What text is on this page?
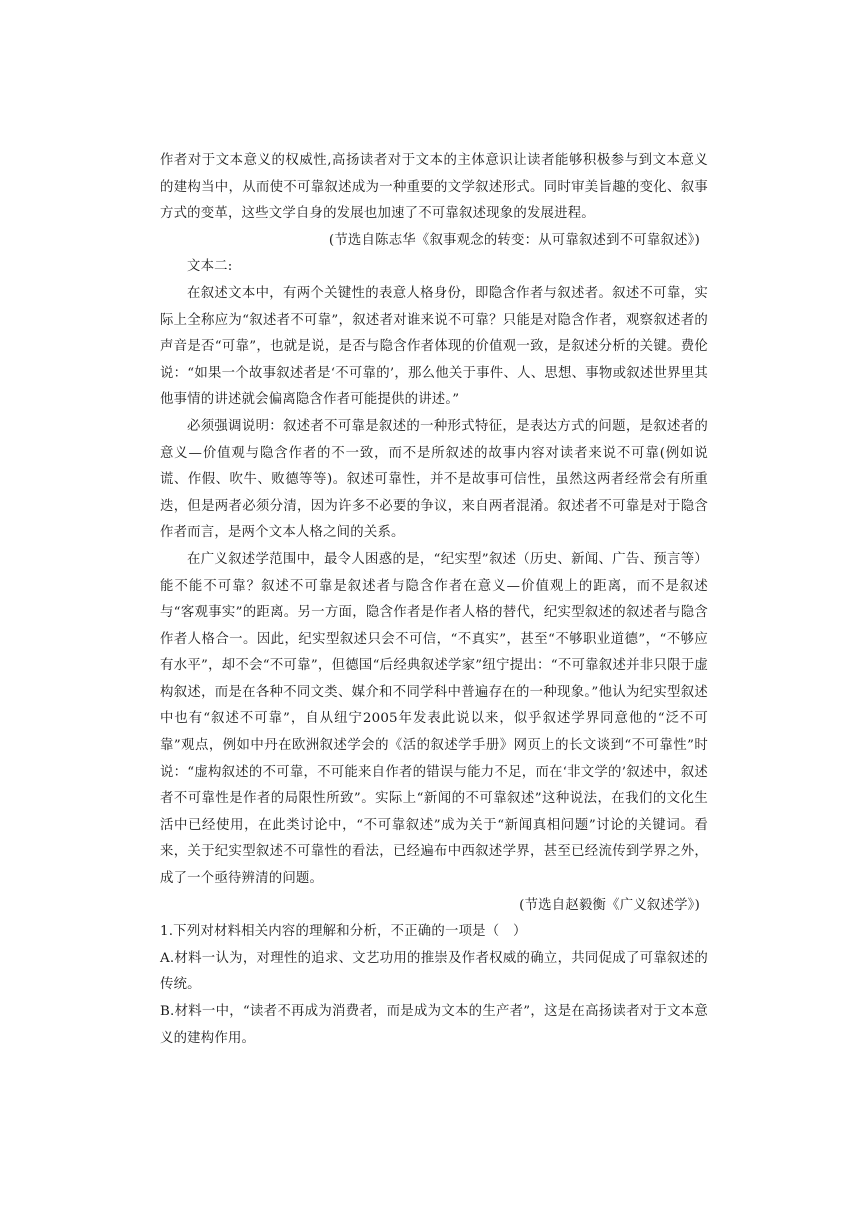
作者对于文本意义的权威性,高扬读者对于文本的主体意识让读者能够积极参与到文本意义的建构当中，从而使不可靠叙述成为一种重要的文学叙述形式。同时审美旨趣的变化、叙事方式的变革，这些文学自身的发展也加速了不可靠叙述现象的发展进程。

(节选自陈志华《叙事观念的转变：从可靠叙述到不可靠叙述》)

文本二:

在叙述文本中，有两个关键性的表意人格身份，即隐含作者与叙述者。叙述不可靠，实际上全称应为“叙述者不可靠”，叙述者对谁来说不可靠？只能是对隐含作者，观察叙述者的声音是否“可靠”，也就是说，是否与隐含作者体现的价值观一致，是叙述分析的关键。费伦说：“如果一个故事叙述者是‘不可靠的’，那么他关于事件、人、思想、事物或叙述世界里其他事情的讲述就会偏离隐含作者可能提供的讲述。”

必须强调说明：叙述者不可靠是叙述的一种形式特征，是表达方式的问题，是叙述者的意义—价值观与隐含作者的不一致，而不是所叙述的故事内容对读者来说不可靠(例如说谎、作假、吹牛、败德等等)。叙述可靠性，并不是故事可信性，虽然这两者经常会有所重迭，但是两者必须分清，因为许多不必要的争议，来自两者混淆。叙述者不可靠是对于隐含作者而言，是两个文本人格之间的关系。

在广义叙述学范围中，最令人困惑的是，“纪实型”叙述（历史、新闻、广告、预言等）能不能不可靠？叙述不可靠是叙述者与隐含作者在意义—价值观上的距离，而不是叙述与“客观事实”的距离。另一方面，隐含作者是作者人格的替代，纪实型叙述的叙述者与隐含作者人格合一。因此，纪实型叙述只会不可信，“不真实”，甚至“不够职业道德”，“不够应有水平”，却不会“不可靠”，但德国“后经典叙述学家”纽宁提出：“不可靠叙述并非只限于虚构叙述，而是在各种不同文类、媒介和不同学科中普遍存在的一种现象。”他认为纪实型叙述中也有“叙述不可靠”，自从纽宁2005年发表此说以来，似乎叙述学界同意他的“泛不可靠”观点，例如中丹在欧洲叙述学会的《活的叙述学手册》网页上的长文谈到“不可靠性”时说：“虚构叙述的不可靠，不可能来自作者的错误与能力不足，而在‘非文学的’叙述中，叙述者不可靠性是作者的局限性所致”。实际上“新闻的不可靠叙述”这种说法，在我们的文化生活中已经使用，在此类讨论中，“不可靠叙述”成为关于“新闻真相问题”讨论的关键词。看来，关于纪实型叙述不可靠性的看法，已经遍布中西叙述学界，甚至已经流传到学界之外，成了一个亟待辨清的问题。

(节选自赵毅衡《广义叙述学》)

1.下列对材料相关内容的理解和分析，不正确的一项是（　）

A.材料一认为，对理性的追求、文艺功用的推崇及作者权威的确立，共同促成了可靠叙述的传统。

B.材料一中，“读者不再成为消费者，而是成为文本的生产者”，这是在高扬读者对于文本意义的建构作用。
